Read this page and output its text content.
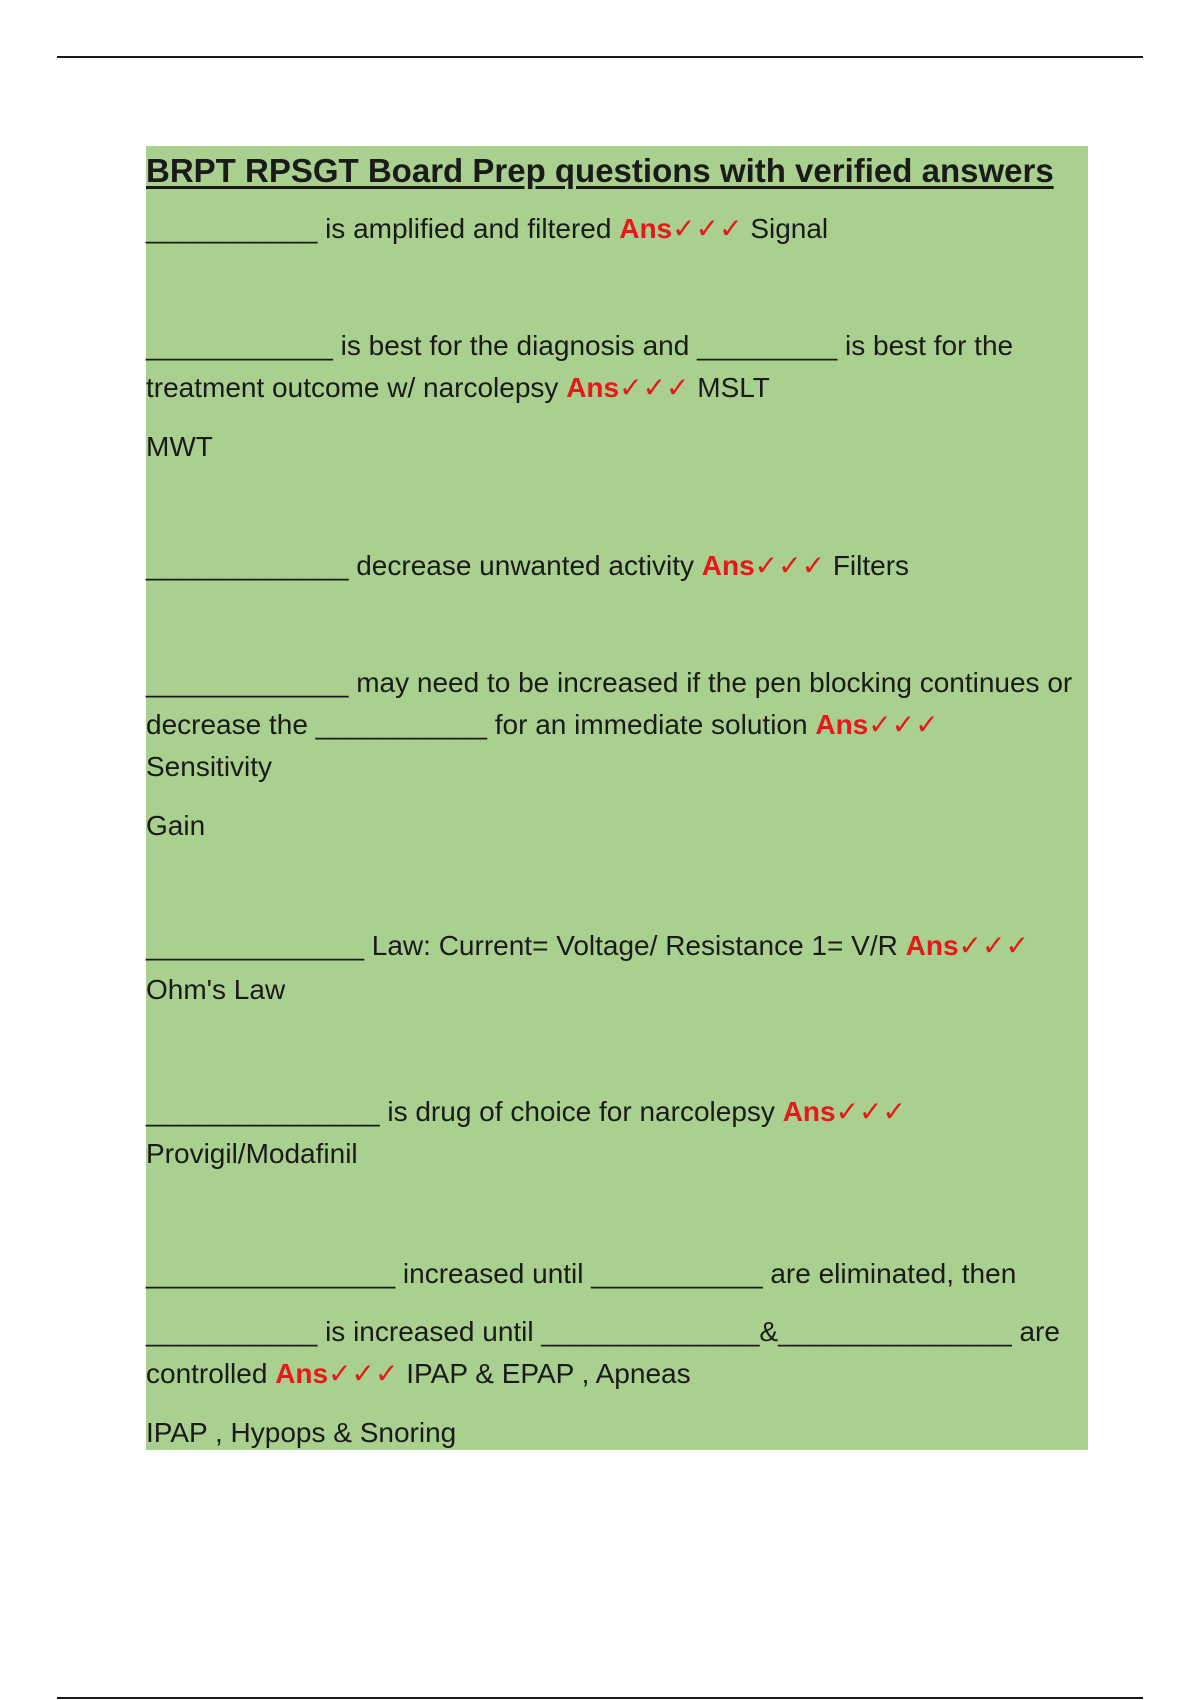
BRPT RPSGT Board Prep questions with verified answers

___________ is amplified and filtered Ans✓✓✓ Signal

____________ is best for the diagnosis and _________ is best for the treatment outcome w/ narcolepsy Ans✓✓✓ MSLT

MWT

_____________ decrease unwanted activity Ans✓✓✓ Filters

_____________ may need to be increased if the pen blocking continues or decrease the ___________ for an immediate solution Ans✓✓✓
Sensitivity

Gain

______________ Law: Current= Voltage/ Resistance 1= V/R Ans✓✓✓

Ohm's Law

_______________ is drug of choice for narcolepsy Ans✓✓✓

Provigil/Modafinil

________________ increased until ___________ are eliminated, then

___________ is increased until ______________&_______________ are controlled Ans✓✓✓ IPAP & EPAP , Apneas

IPAP , Hypops & Snoring
